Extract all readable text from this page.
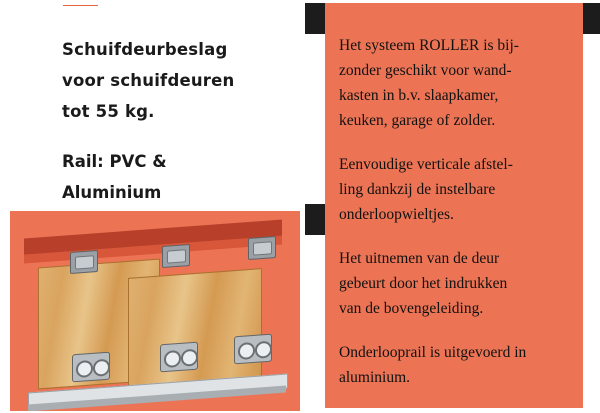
Schuifdeurbeslag
voor schuifdeuren
tot 55 kg.
Rail: PVC &
Aluminium

Het systeem ROLLER is bij-
zonder geschikt voor wand-
kasten in b.v. slaapkamer,
keuken, garage of zolder.

Eenvoudige verticale afstel-
ling dankzij de instelbare
onderloopwieltjes.

Het uitnemen van de deur
gebeurt door het indrukken
van de bovengeleiding.

Onderlooprail is uitgevoerd in
aluminium.
